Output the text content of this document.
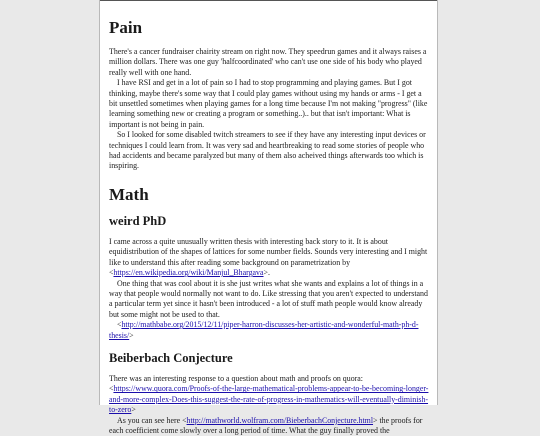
Pain

There's a cancer fundraiser chairity stream on right now. They speedrun games and it always raises a million dollars. There was one guy 'halfcoordinated' who can't use one side of his body who played really well with one hand.

I have RSI and get in a lot of pain so I had to stop programming and playing games. But I got thinking, maybe there's some way that I could play games without using my hands or arms - I get a bit unsettled sometimes when playing games for a long time because I'm not making "progress" (like learning something new or creating a program or something..).. but that isn't important: What is important is not being in pain.

So I looked for some disabled twitch streamers to see if they have any interesting input devices or techniques I could learn from. It was very sad and heartbreaking to read some stories of people who had accidents and became paralyzed but many of them also acheived things afterwards too which is inspiring.

Math
weird PhD

I came across a quite unusually written thesis with interesting back story to it. It is about equidistribution of the shapes of lattices for some number fields. Sounds very interesting and I might like to understand this after reading some background on parametrization by <https://en.wikipedia.org/wiki/Manjul_Bhargava>.

One thing that was cool about it is she just writes what she wants and explains a lot of things in a way that people would normally not want to do. Like stressing that you aren't expected to understand a particular term yet since it hasn't been introduced - a lot of stuff math people would know already but some might not be used to that.

<http://mathbabe.org/2015/12/11/piper-harron-discusses-her-artistic-and-wonderful-math-ph-d-thesis/>

Beiberbach Conjecture

There was an interesting response to a question about math and proofs on quora: <https://www.quora.com/Proofs-of-the-large-mathematical-problems-appear-to-be-becoming-longer-and-more-complex-Does-this-suggest-the-rate-of-progress-in-mathematics-will-eventually-diminish-to-zero>

As you can see here <http://mathworld.wolfram.com/BieberbachConjecture.html> the proofs for each coefficient come slowly over a long period of time. What the guy finally proved the
